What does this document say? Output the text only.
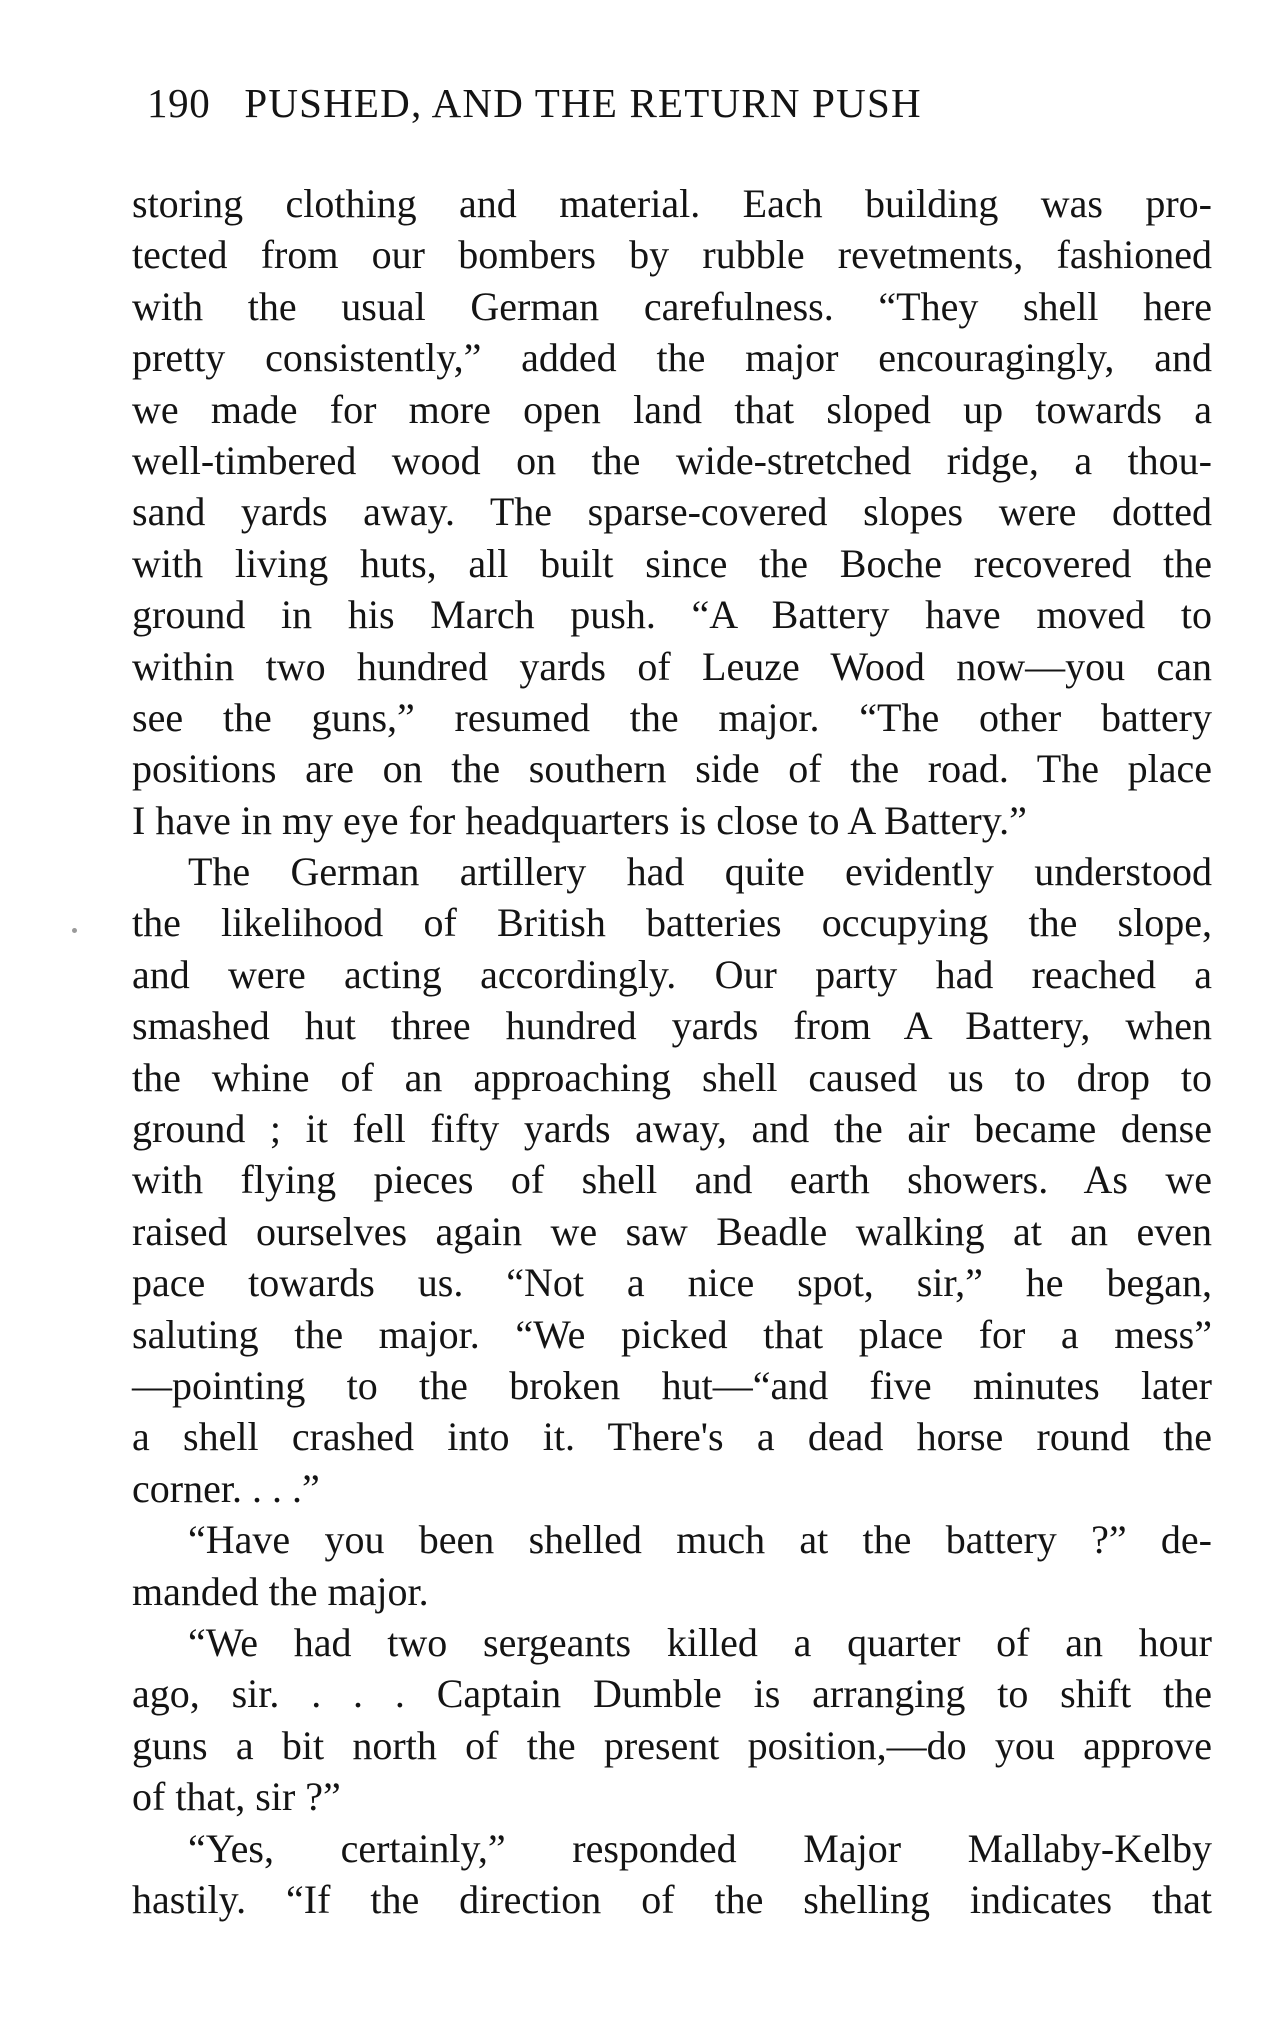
190 PUSHED, AND THE RETURN PUSH
storing clothing and material. Each building was pro-
tected from our bombers by rubble revetments, fashioned
with the usual German carefulness. “They shell here
pretty consistently,” added the major encouragingly, and
we made for more open land that sloped up towards a
well-timbered wood on the wide-stretched ridge, a thou-
sand yards away. The sparse-covered slopes were dotted
with living huts, all built since the Boche recovered the
ground in his March push. “A Battery have moved to
within two hundred yards of Leuze Wood now—you can
see the guns,” resumed the major. “The other battery
positions are on the southern side of the road. The place
I have in my eye for headquarters is close to A Battery.”
The German artillery had quite evidently understood
the likelihood of British batteries occupying the slope,
and were acting accordingly. Our party had reached a
smashed hut three hundred yards from A Battery, when
the whine of an approaching shell caused us to drop to
ground ; it fell fifty yards away, and the air became dense
with flying pieces of shell and earth showers. As we
raised ourselves again we saw Beadle walking at an even
pace towards us. “Not a nice spot, sir,” he began,
saluting the major. “We picked that place for a mess”
—pointing to the broken hut—“and five minutes later
a shell crashed into it. There's a dead horse round the
corner. . . .”
“Have you been shelled much at the battery ?” de-
manded the major.
“We had two sergeants killed a quarter of an hour
ago, sir. . . . Captain Dumble is arranging to shift the
guns a bit north of the present position,—do you approve
of that, sir ?”
“Yes, certainly,” responded Major Mallaby-Kelby
hastily. “If the direction of the shelling indicates that
